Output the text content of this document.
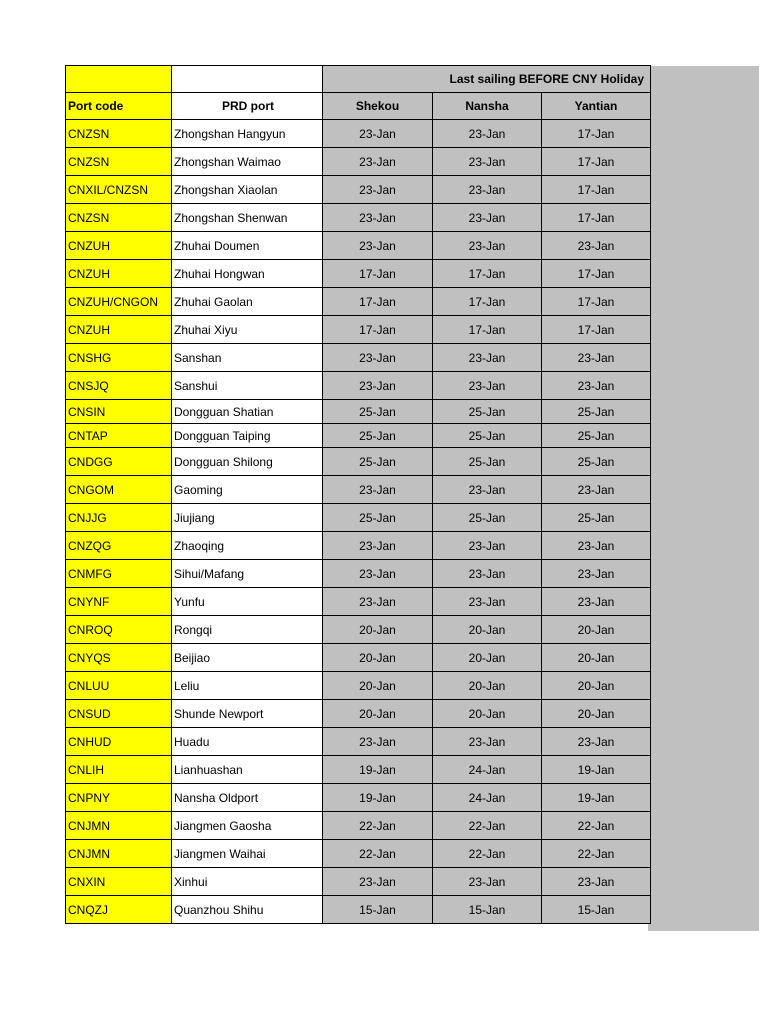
		Last sailing BEFORE CNY Holiday		
Port code	PRD port	Shekou	Nansha	Yantian
CNZSN	Zhongshan Hangyun	23-Jan	23-Jan	17-Jan
CNZSN	Zhongshan Waimao	23-Jan	23-Jan	17-Jan
CNXIL/CNZSN	Zhongshan Xiaolan	23-Jan	23-Jan	17-Jan
CNZSN	Zhongshan Shenwan	23-Jan	23-Jan	17-Jan
CNZUH	Zhuhai Doumen	23-Jan	23-Jan	23-Jan
CNZUH	Zhuhai Hongwan	17-Jan	17-Jan	17-Jan
CNZUH/CNGON	Zhuhai Gaolan	17-Jan	17-Jan	17-Jan
CNZUH	Zhuhai Xiyu	17-Jan	17-Jan	17-Jan
CNSHG	Sanshan	23-Jan	23-Jan	23-Jan
CNSJQ	Sanshui	23-Jan	23-Jan	23-Jan
CNSIN	Dongguan Shatian	25-Jan	25-Jan	25-Jan
CNTAP	Dongguan Taiping	25-Jan	25-Jan	25-Jan
CNDGG	Dongguan Shilong	25-Jan	25-Jan	25-Jan
CNGOM	Gaoming	23-Jan	23-Jan	23-Jan
CNJJG	Jiujiang	25-Jan	25-Jan	25-Jan
CNZQG	Zhaoqing	23-Jan	23-Jan	23-Jan
CNMFG	Sihui/Mafang	23-Jan	23-Jan	23-Jan
CNYNF	Yunfu	23-Jan	23-Jan	23-Jan
CNROQ	Rongqi	20-Jan	20-Jan	20-Jan
CNYQS	Beijiao	20-Jan	20-Jan	20-Jan
CNLUU	Leliu	20-Jan	20-Jan	20-Jan
CNSUD	Shunde Newport	20-Jan	20-Jan	20-Jan
CNHUD	Huadu	23-Jan	23-Jan	23-Jan
CNLIH	Lianhuashan	19-Jan	24-Jan	19-Jan
CNPNY	Nansha Oldport	19-Jan	24-Jan	19-Jan
CNJMN	Jiangmen Gaosha	22-Jan	22-Jan	22-Jan
CNJMN	Jiangmen Waihai	22-Jan	22-Jan	22-Jan
CNXIN	Xinhui	23-Jan	23-Jan	23-Jan
CNQZJ	Quanzhou Shihu	15-Jan	15-Jan	15-Jan
